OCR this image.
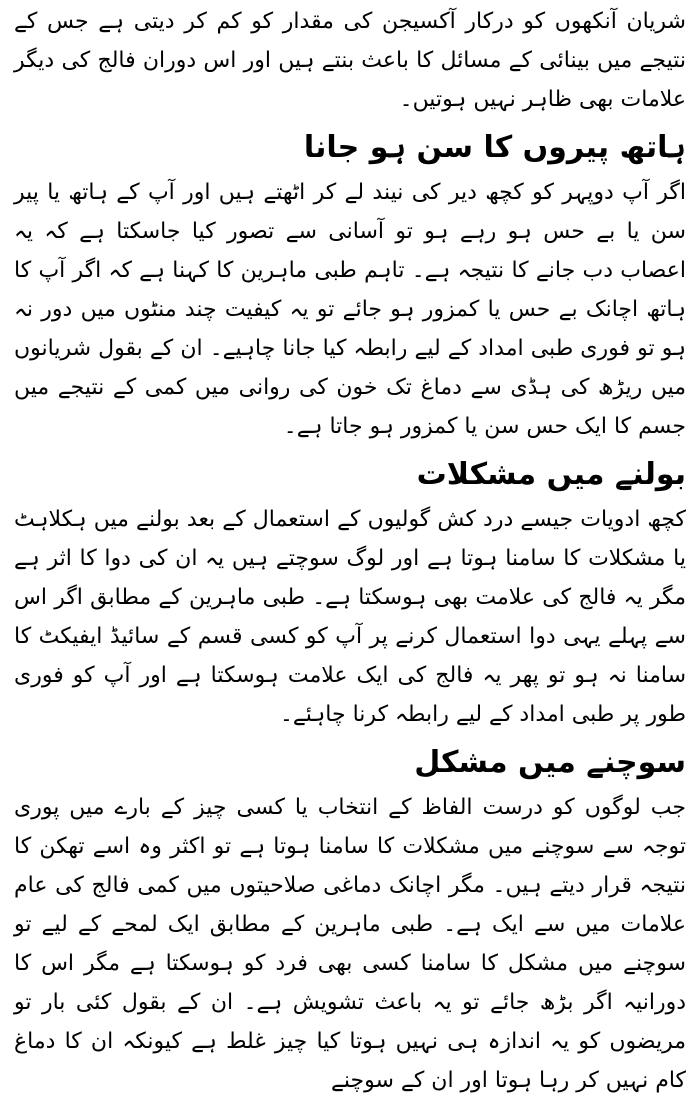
شریان آنکھوں کو درکار آکسیجن کی مقدار کو کم کر دیتی ہے جس کے نتیجے میں بینائی کے مسائل کا باعث بنتے ہیں اور اس دوران فالج کی دیگر علامات بھی ظاہر نہیں ہوتیں۔

ہاتھ پیروں کا سن ہو جانا

اگر آپ دوپہر کو کچھ دیر کی نیند لے کر اٹھتے ہیں اور آپ کے ہاتھ یا پیر سن یا بے حس ہو رہے ہو تو آسانی سے تصور کیا جاسکتا ہے کہ یہ اعصاب دب جانے کا نتیجہ ہے۔ تاہم طبی ماہرین کا کہنا ہے کہ اگر آپ کا ہاتھ اچانک بے حس یا کمزور ہو جائے تو یہ کیفیت چند منٹوں میں دور نہ ہو تو فوری طبی امداد کے لیے رابطہ کیا جانا چاہیے۔ ان کے بقول شریانوں میں ریڑھ کی ہڈی سے دماغ تک خون کی روانی میں کمی کے نتیجے میں جسم کا ایک حس سن یا کمزور ہو جاتا ہے۔

بولنے میں مشکلات

کچھ ادویات جیسے درد کش گولیوں کے استعمال کے بعد بولنے میں ہکلاہٹ یا مشکلات کا سامنا ہوتا ہے اور لوگ سوچتے ہیں یہ ان کی دوا کا اثر ہے مگر یہ فالج کی علامت بھی ہوسکتا ہے۔ طبی ماہرین کے مطابق اگر اس سے پہلے یہی دوا استعمال کرنے پر آپ کو کسی قسم کے سائیڈ ایفیکٹ کا سامنا نہ ہو تو پھر یہ فالج کی ایک علامت ہوسکتا ہے اور آپ کو فوری طور پر طبی امداد کے لیے رابطہ کرنا چاہئے۔

سوچنے میں مشکل

جب لوگوں کو درست الفاظ کے انتخاب یا کسی چیز کے بارے میں پوری توجہ سے سوچنے میں مشکلات کا سامنا ہوتا ہے تو اکثر وہ اسے تھکن کا نتیجہ قرار دیتے ہیں۔ مگر اچانک دماغی صلاحیتوں میں کمی فالج کی عام علامات میں سے ایک ہے۔ طبی ماہرین کے مطابق ایک لمحے کے لیے تو سوچنے میں مشکل کا سامنا کسی بھی فرد کو ہوسکتا ہے مگر اس کا دورانیہ اگر بڑھ جائے تو یہ باعث تشویش ہے۔ ان کے بقول کئی بار تو مریضوں کو یہ اندازہ ہی نہیں ہوتا کیا چیز غلط ہے کیونکہ ان کا دماغ کام نہیں کر رہا ہوتا اور ان کے سوچنے
